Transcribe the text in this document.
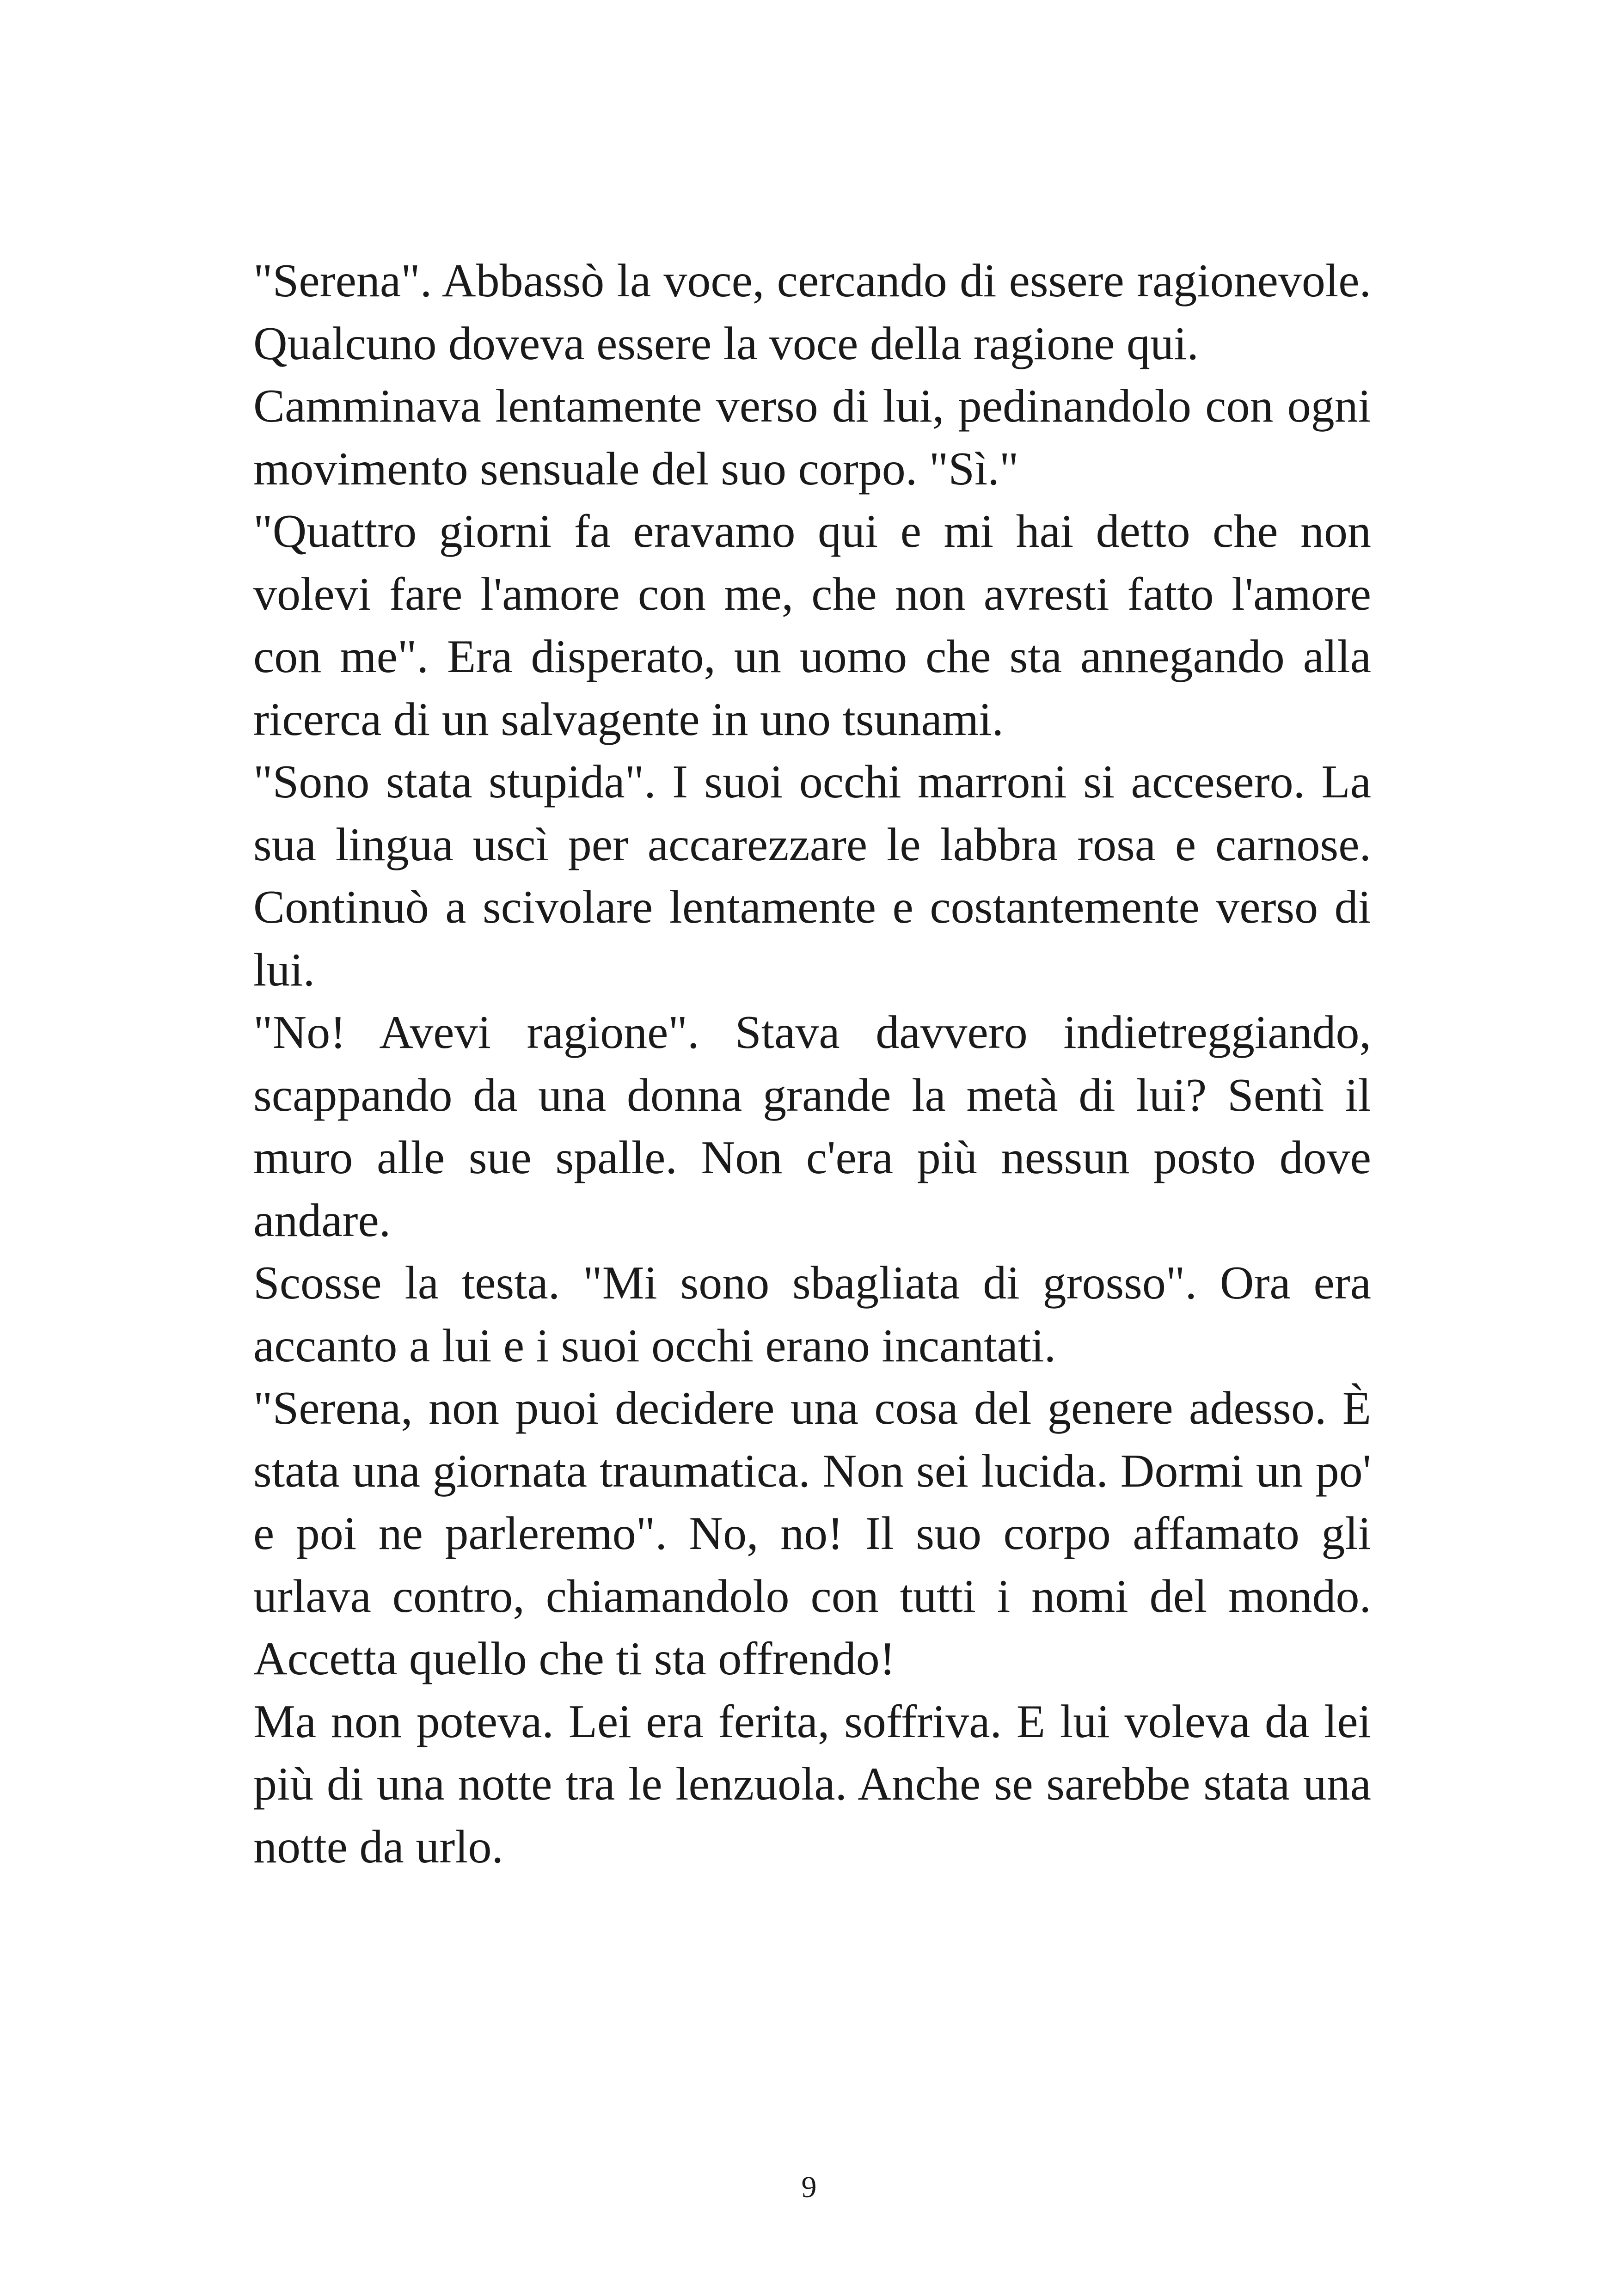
"Serena". Abbassò la voce, cercando di essere ragionevole. Qualcuno doveva essere la voce della ragione qui.

Camminava lentamente verso di lui, pedinandolo con ogni movimento sensuale del suo corpo. "Sì."

"Quattro giorni fa eravamo qui e mi hai detto che non volevi fare l'amore con me, che non avresti fatto l'amore con me". Era disperato, un uomo che sta annegando alla ricerca di un salvagente in uno tsunami.

"Sono stata stupida". I suoi occhi marroni si accesero. La sua lingua uscì per accarezzare le labbra rosa e carnose. Continuò a scivolare lentamente e costantemente verso di lui.

"No! Avevi ragione". Stava davvero indietreggiando, scappando da una donna grande la metà di lui? Sentì il muro alle sue spalle. Non c'era più nessun posto dove andare.

Scosse la testa. "Mi sono sbagliata di grosso". Ora era accanto a lui e i suoi occhi erano incantati.

"Serena, non puoi decidere una cosa del genere adesso. È stata una giornata traumatica. Non sei lucida. Dormi un po' e poi ne parleremo". No, no! Il suo corpo affamato gli urlava contro, chiamandolo con tutti i nomi del mondo. Accetta quello che ti sta offrendo!

Ma non poteva. Lei era ferita, soffriva. E lui voleva da lei più di una notte tra le lenzuola. Anche se sarebbe stata una notte da urlo.

9
